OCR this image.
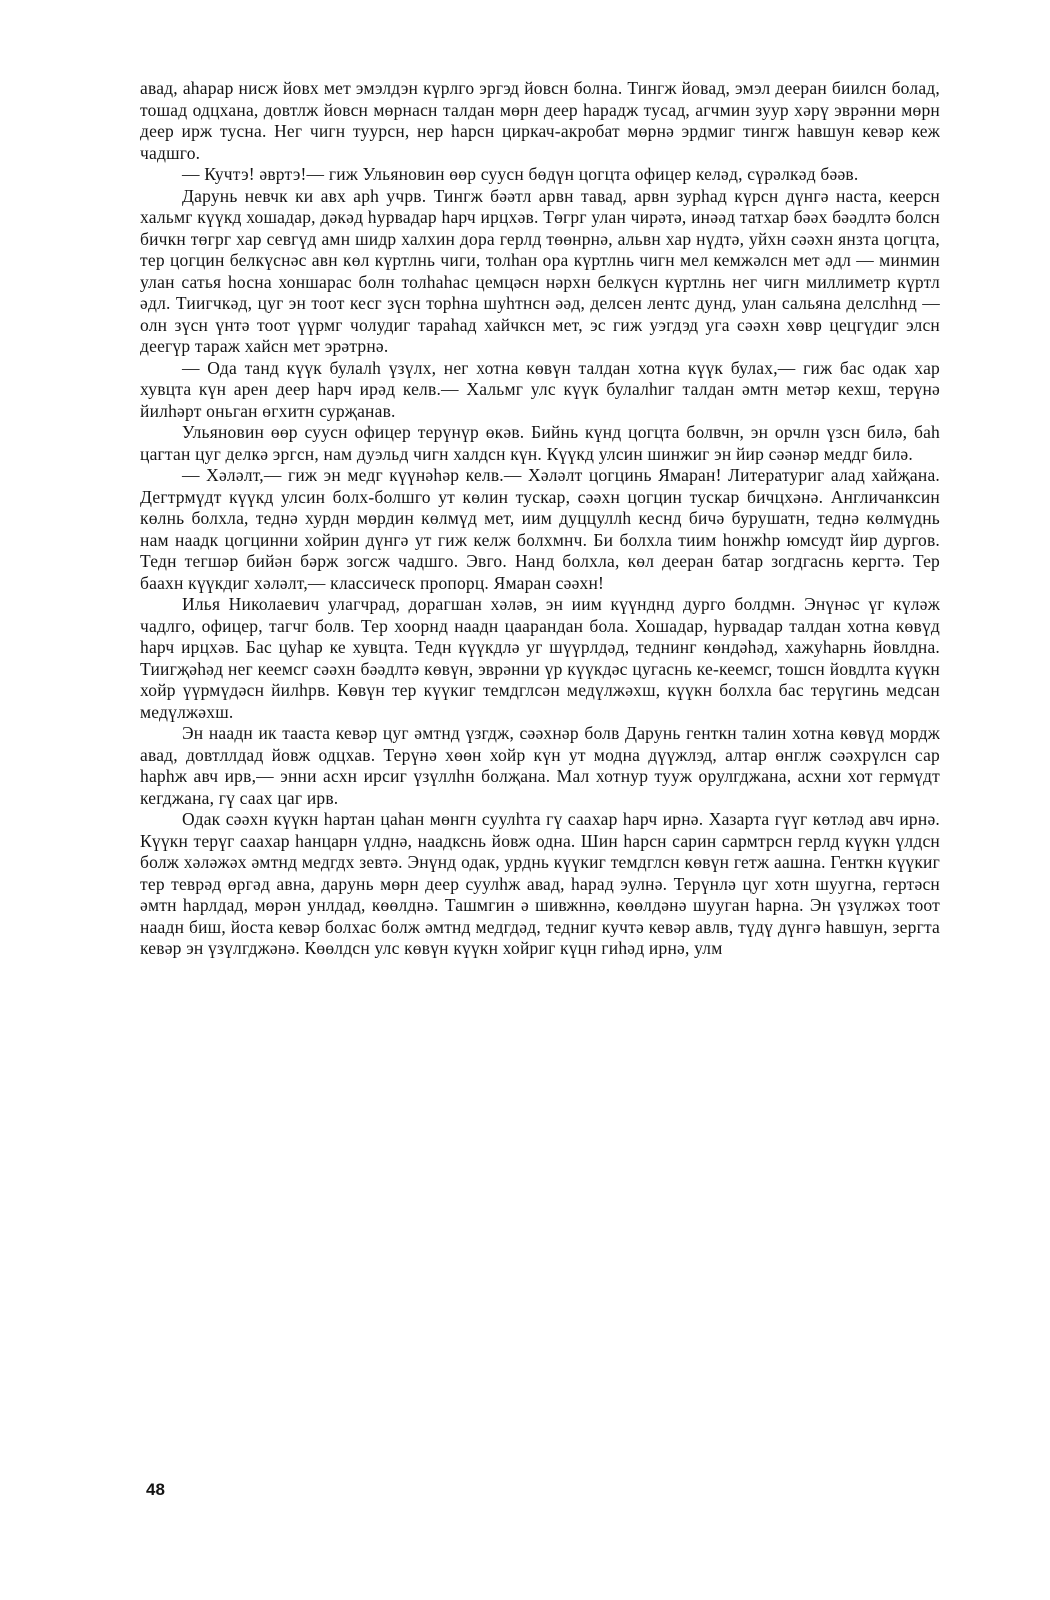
авад, аhарар нисж йовх мет эмэлдэн күрлго эргэд йовсн болна. Тингж йовад, эмэл дееран биилсн болад, тошад одцхана, довтлж йовсн мөрнасн талдан мөрн деер hарадж тусад, агчмин зуур хәрү эврәнни мөрн деер иpж тусна. Нег чигн туурсн, нер hарсн циркач-акробат мөрнә эрдмиг тингж hавшун кевәр кеж чадшго.

— Кучтэ! әвртэ!— гиж Ульяновин өөр суусн бөдүн цогцта офицер келәд, сүрәлкәд бәәв.

Дарунь невчк ки авх арh учрв. Тингж бәәтл арвн тавад, арвн зурhад күрсн дүнгә наста, кеерсн хальмг күүкд хошадар, дәкәд hурвадар hарч ирцхәв. Төгрг улан чирәтә, инәәд татхар бәәх бәәдлтә болсн бичкн төгрг хар севгүд амн шидр халхин дора герлд төөнрнә, альвн хар нүдтә, уйхн сәәхн янзта цогцта, тер цогцин белкүснәс авн көл күртлнь чиги, толhан ора күртлнь чигн мел кемжәлсн мет әдл — минмин улан сатья hосна хоншарас болн толhаhас цемцәсн нәрхн белкүсн күртлнь нег чигн миллиметр күртл әдл. Тиигчкәд, цуг эн тоот кесг зүсн торhна шуhтнсн әәд, делсен лентс дунд, улан сальяна делслhнд — олн зүсн үнтә тоот үүрмг чолудиг тараhад хайчксн мет, эс гиж уэгдэд уга сәәхн хөвр цецгүдиг элсн деегүр тараж хайсн мет эрәтрнә.

— Ода тaнд күүк булалh үзүлх, нег хотна көвүн талдан хотна күүк булах,— гиж бас одак хар хувцта күн арен деер hарч ирәд келв.— Хальмг улс күүк булалhиг талдан әмтн метәр кехш, терүнә йилhәрт оньган өгхитн сурҗанав.

Ульяновин өөр суусн офицер терүнүр өкәв. Бийнь күнд цогцта болвчн, эн орчлн үзсн билә, баh цагтан цуг делкә эргсн, нам дуэльд чигн халдсн күн. Күүкд улсин шинжиг эн йир сәәнәр меддг билә.

— Хәләлт,— гиж эн медг күүнәhәр келв.— Хәләлт цогцинь Ямаран! Литератуpиг алад хайҗана. Дегтрмүдт күүкд улсин болх-болшго ут көлин тускар, сәәхн цогцин тускар бичцхәнә. Англичанксин көлнь болхла, теднә хурдн мөрдин көлмүд мет, иим дуццуллh кеснд бичә бурушатн, теднә көлмүднь нам наадк цогцинни хойрин дүнгә ут гиж келж болхмнч. Би болхла тиим hонжhр юмсудт йир дургов. Тедн тегшәр бийән бәрж зогсж чадшго. Эвго. Нанд болхла, көл дееран батар зогдгаснь кергтә. Тер баахн күүкдиг хәләлт,— классическ пропорц. Ямаран сәәхн!

Илья Николаевич улагчрад, дорагшан хәләв, эн иим күүнднд дурго болдмн. Энүнәс үг күләж чадлго, офицер, тагчг болв. Тер хоорнд наадн цаарандан бола. Хошадар, hурвадар талдан хотна көвүд hарч ирцхәв. Бас цуhар ке хувцта. Тедн күүкдлә уг шүүрлдәд, теднинг көндәhәд, хажуhарнь йовлдна. Тиигҗәhәд нег кеемсг сәәхн бәәдлтә көвүн, эврәнни үр күүкдәс цугаснь ке-кеемсг, тошсн йовдлта күүкн хойр үүрмүдәсн йилhрв. Көвүн тер күүкиг темдглсән медүлжәхш, күүкн болхла бас терүгинь медсан медүлжәхш.

Эн наадн ик тааста кевәр цуг әмтнд үзгдж, сәәхнәр болв Дарунь генткн талин хотна көвүд мордж авад, довтллдад йовж одцхав. Терүнә хөөн хойр күн ут модна дүүжлэд, алтар өнглж сәәхрүлсн сар hарhж авч ирв,— энни асхн ирсиг үзүллhн болҗана. Мал хотнур тууж орулгджана, асхни хот гермүдт кегджана, гү саах цаг ирв.

Одак сәәхн күүкн hартан цаhан мөнгн суулhта гү саахар hарч ирнә. Хазарта гүүг көтләд авч ирнә. Күүкн терүг саахар hанцарн үлднә, наадкснь йовж одна. Шин hарсн сарин сармтрсн герлд күүкн үлдсн болж хәләжәх әмтнд медгдх зевтә. Энүнд одак, урднь күүкиг темдглсн көвүн гетж аашна. Генткн күүкиг тер теврәд өргәд авна, дарунь мөрн деер суулhж авад, hарад эулнә. Терүнлә цуг хотн шуугна, гертәсн әмтн hарлдад, мөрән унлдад, көөлднә. Ташмгин ә шивжннә, көөлдәнә шууган hарна. Эн үзүлжәх тоот наадн биш, йоста кевәр болхас болж әмтнд медгдәд, тедниг кучтә кевәр авлв, түдү дүнгә hавшун, зергта кевәр эн үзүлгджәнә. Көөлдсн улс көвүн күүкн хойриг күцн гиhәд ирнә, улм

48
